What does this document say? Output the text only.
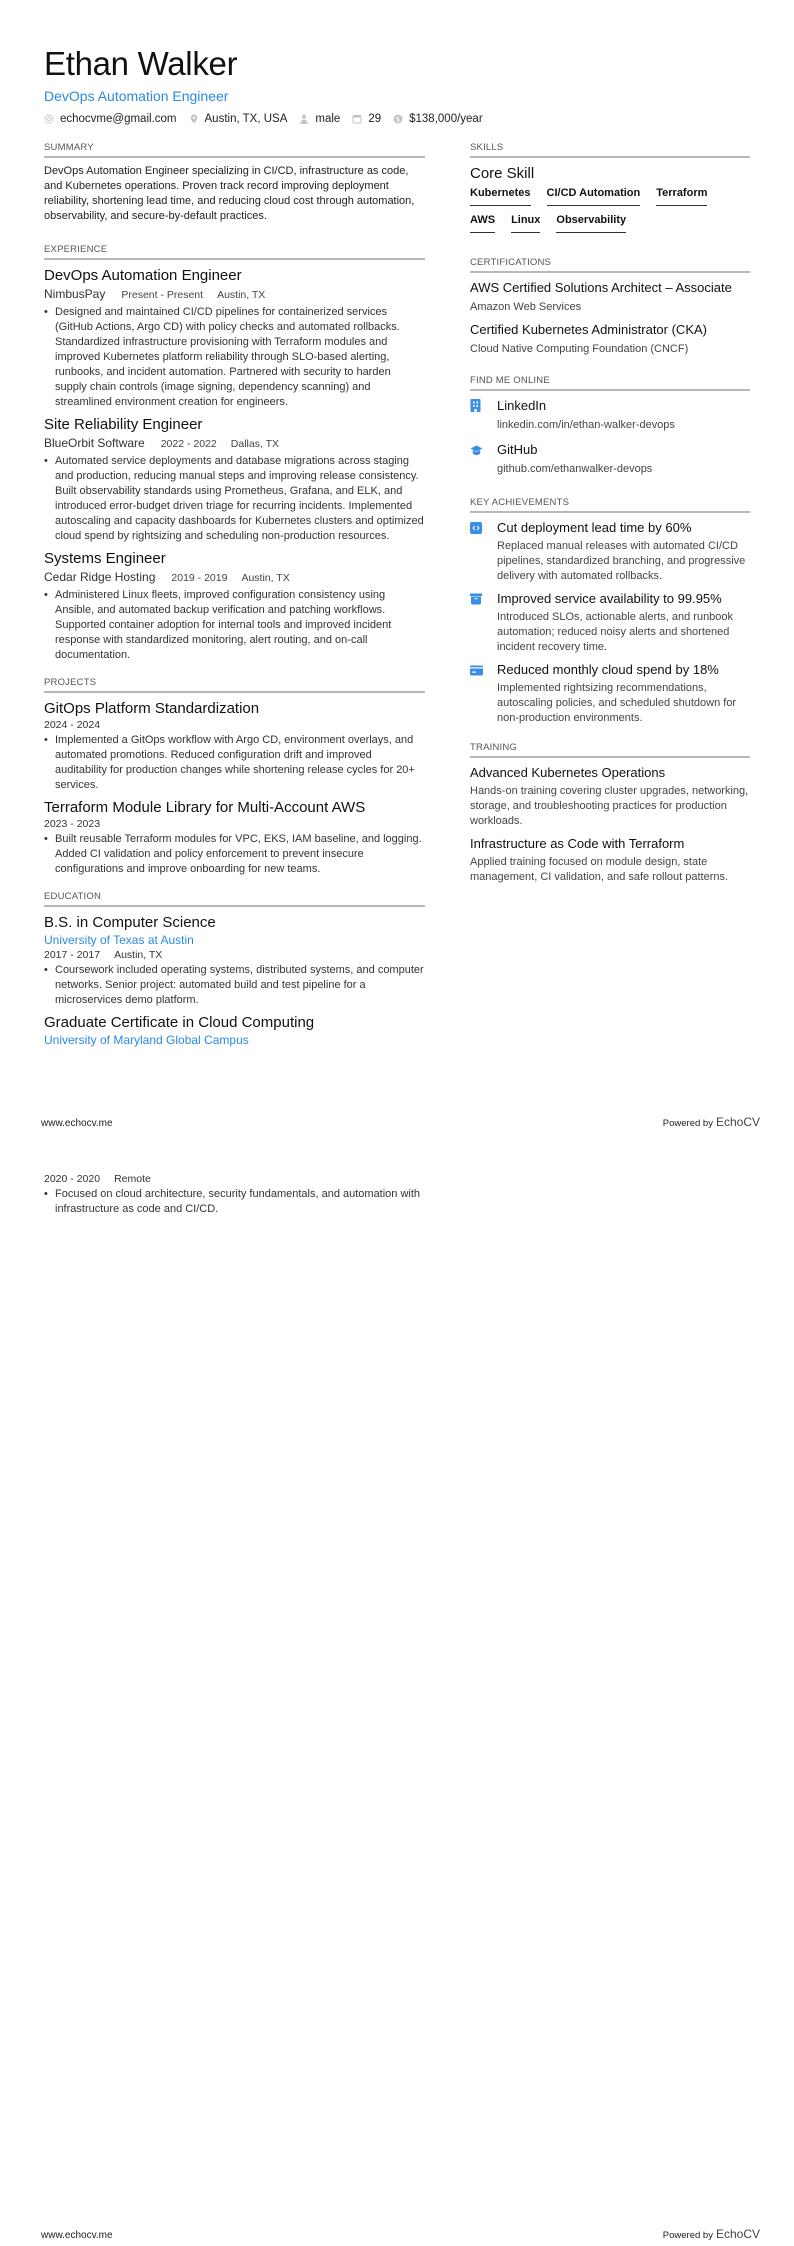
Ethan Walker
DevOps Automation Engineer
echocvme@gmail.com Austin, TX, USA male 29 $ $138,000/year
SUMMARY
DevOps Automation Engineer specializing in CI/CD, infrastructure as code, and Kubernetes operations. Proven track record improving deployment reliability, shortening lead time, and reducing cloud cost through automation, observability, and secure-by-default practices.
EXPERIENCE
DevOps Automation Engineer
NimbusPay Present - Present Austin, TX
• Designed and maintained CI/CD pipelines for containerized services (GitHub Actions, Argo CD) with policy checks and automated rollbacks. Standardized infrastructure provisioning with Terraform modules and improved Kubernetes platform reliability through SLO-based alerting, runbooks, and incident automation. Partnered with security to harden supply chain controls (image signing, dependency scanning) and streamlined environment creation for engineers.
Site Reliability Engineer
BlueOrbit Software 2022 - 2022 Dallas, TX
• Automated service deployments and database migrations across staging and production, reducing manual steps and improving release consistency. Built observability standards using Prometheus, Grafana, and ELK, and introduced error-budget driven triage for recurring incidents. Implemented autoscaling and capacity dashboards for Kubernetes clusters and optimized cloud spend by rightsizing and scheduling non-production resources.
Systems Engineer
Cedar Ridge Hosting 2019 - 2019 Austin, TX
• Administered Linux fleets, improved configuration consistency using Ansible, and automated backup verification and patching workflows. Supported container adoption for internal tools and improved incident response with standardized monitoring, alert routing, and on-call documentation.
PROJECTS
GitOps Platform Standardization
2024 - 2024
• Implemented a GitOps workflow with Argo CD, environment overlays, and automated promotions. Reduced configuration drift and improved auditability for production changes while shortening release cycles for 20+ services.
Terraform Module Library for Multi-Account AWS
2023 - 2023
• Built reusable Terraform modules for VPC, EKS, IAM baseline, and logging. Added CI validation and policy enforcement to prevent insecure configurations and improve onboarding for new teams.
EDUCATION
B.S. in Computer Science
University of Texas at Austin
2017 - 2017 Austin, TX
• Coursework included operating systems, distributed systems, and computer networks. Senior project: automated build and test pipeline for a microservices demo platform.
Graduate Certificate in Cloud Computing
University of Maryland Global Campus
SKILLS
Core Skill
Kubernetes CI/CD Automation Terraform
AWS Linux Observability
CERTIFICATIONS
AWS Certified Solutions Architect – Associate
Amazon Web Services
Certified Kubernetes Administrator (CKA)
Cloud Native Computing Foundation (CNCF)
FIND ME ONLINE
LinkedIn
linkedin.com/in/ethan-walker-devops
GitHub
github.com/ethanwalker-devops
KEY ACHIEVEMENTS
Cut deployment lead time by 60%
Replaced manual releases with automated CI/CD pipelines, standardized branching, and progressive delivery with automated rollbacks.
Improved service availability to 99.95%
Introduced SLOs, actionable alerts, and runbook automation; reduced noisy alerts and shortened incident recovery time.
Reduced monthly cloud spend by 18%
Implemented rightsizing recommendations, autoscaling policies, and scheduled shutdown for non-production environments.
TRAINING
Advanced Kubernetes Operations
Hands-on training covering cluster upgrades, networking, storage, and troubleshooting practices for production workloads.
Infrastructure as Code with Terraform
Applied training focused on module design, state management, CI validation, and safe rollout patterns.
www.echocv.me	Powered by EchoCV
2020 - 2020 Remote
• Focused on cloud architecture, security fundamentals, and automation with infrastructure as code and CI/CD.
www.echocv.me	Powered by EchoCV
